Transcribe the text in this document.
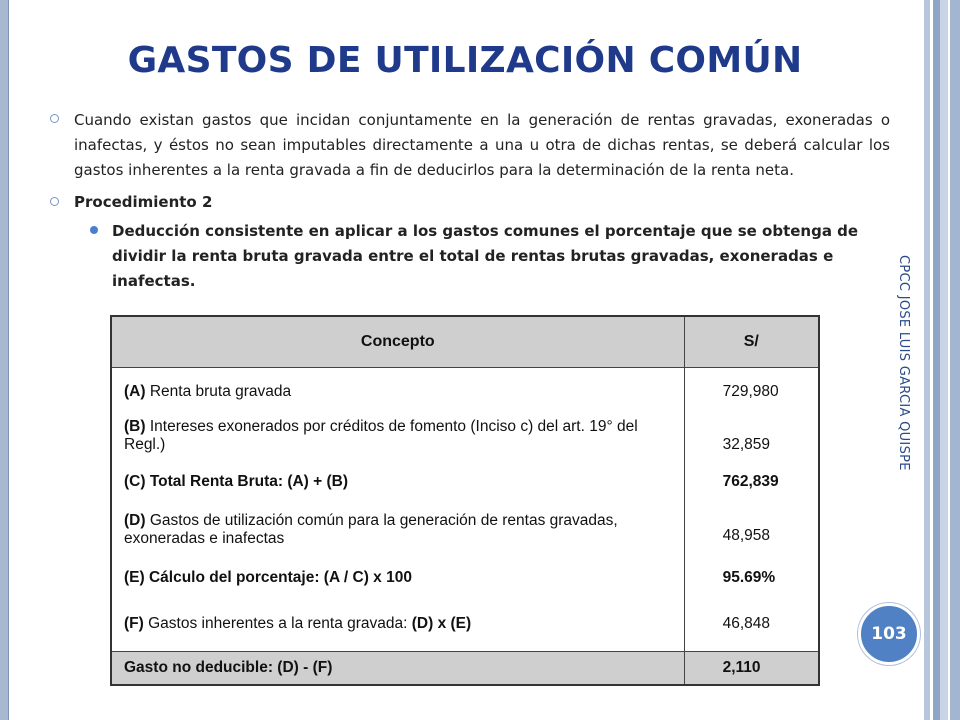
GASTOS DE UTILIZACIÓN COMÚN

Cuando existan gastos que incidan conjuntamente en la generación de rentas gravadas, exoneradas o inafectas, y éstos no sean imputables directamente a una u otra de dichas rentas, se deberá calcular los gastos inherentes a la renta gravada a fin de deducirlos para la determinación de la renta neta.

Procedimiento 2

Deducción consistente en aplicar a los gastos comunes el porcentaje que se obtenga de dividir la renta bruta gravada entre el total de rentas brutas gravadas, exoneradas e inafectas.

Concepto	S/
(A) Renta bruta gravada	729,980
(B) Intereses exonerados por créditos de fomento (Inciso c) del art. 19° del Regl.)	32,859
(C) Total Renta Bruta: (A) + (B)	762,839
(D) Gastos de utilización común para la generación de rentas gravadas, exoneradas e inafectas	48,958
(E) Cálculo del porcentaje: (A / C) x 100	95.69%
(F) Gastos inherentes a la renta gravada: (D) x (E)	46,848
Gasto no deducible: (D) - (F)	2,110
CPCC JOSE LUIS GARCIA QUISPE
103
